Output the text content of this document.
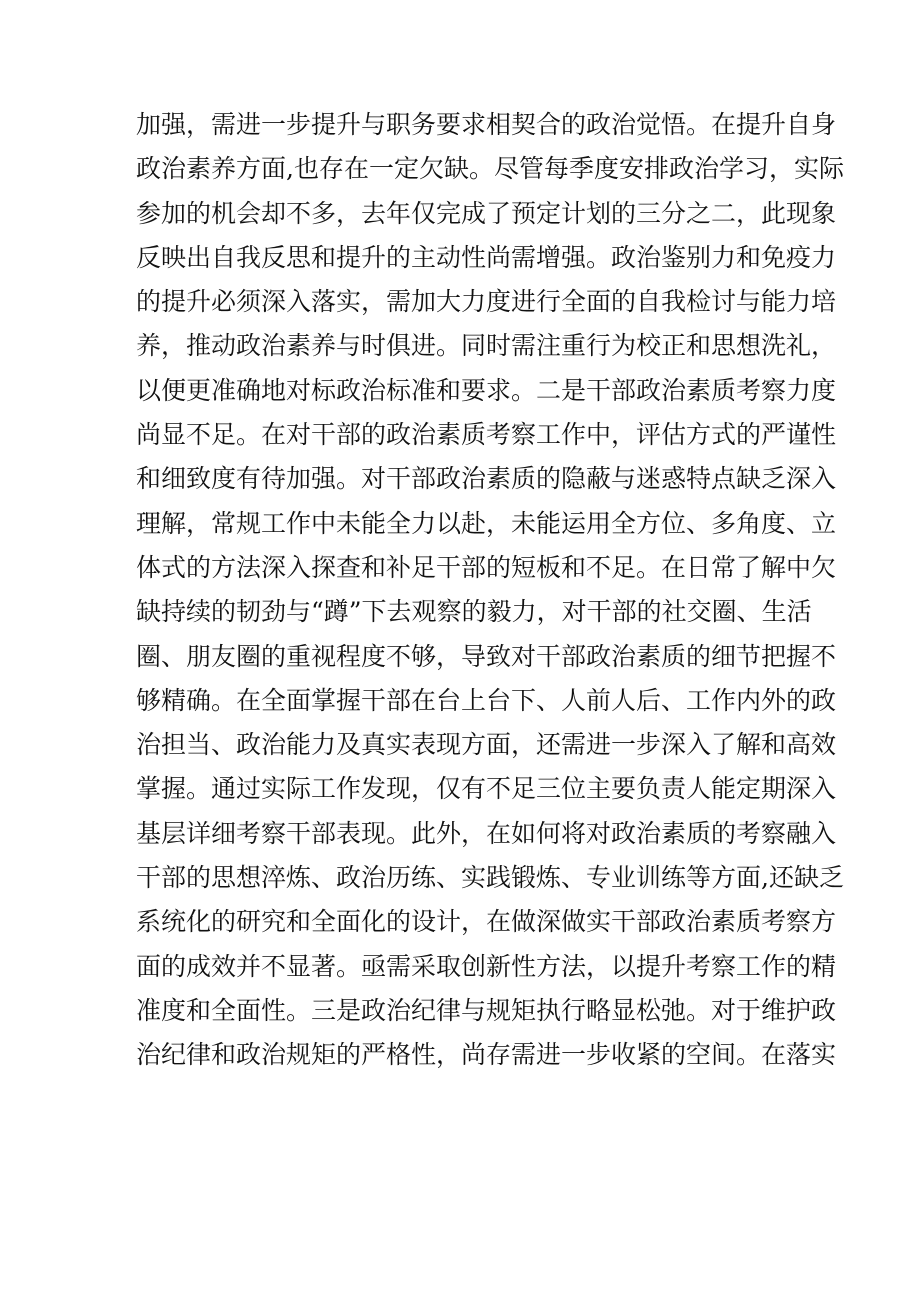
加强，需进一步提升与职务要求相契合的政治觉悟。在提升自身
政治素养方面,也存在一定欠缺。尽管每季度安排政治学习，实际
参加的机会却不多，去年仅完成了预定计划的三分之二，此现象
反映出自我反思和提升的主动性尚需增强。政治鉴别力和免疫力
的提升必须深入落实，需加大力度进行全面的自我检讨与能力培
养，推动政治素养与时俱进。同时需注重行为校正和思想洗礼，
以便更准确地对标政治标准和要求。二是干部政治素质考察力度
尚显不足。在对干部的政治素质考察工作中，评估方式的严谨性
和细致度有待加强。对干部政治素质的隐蔽与迷惑特点缺乏深入
理解，常规工作中未能全力以赴，未能运用全方位、多角度、立
体式的方法深入探查和补足干部的短板和不足。在日常了解中欠
缺持续的韧劲与“蹲”下去观察的毅力，对干部的社交圈、生活
圈、朋友圈的重视程度不够，导致对干部政治素质的细节把握不
够精确。在全面掌握干部在台上台下、人前人后、工作内外的政
治担当、政治能力及真实表现方面，还需进一步深入了解和高效
掌握。通过实际工作发现，仅有不足三位主要负责人能定期深入
基层详细考察干部表现。此外，在如何将对政治素质的考察融入
干部的思想淬炼、政治历练、实践锻炼、专业训练等方面,还缺乏
系统化的研究和全面化的设计，在做深做实干部政治素质考察方
面的成效并不显著。亟需采取创新性方法，以提升考察工作的精
准度和全面性。三是政治纪律与规矩执行略显松弛。对于维护政
治纪律和政治规矩的严格性，尚存需进一步收紧的空间。在落实
